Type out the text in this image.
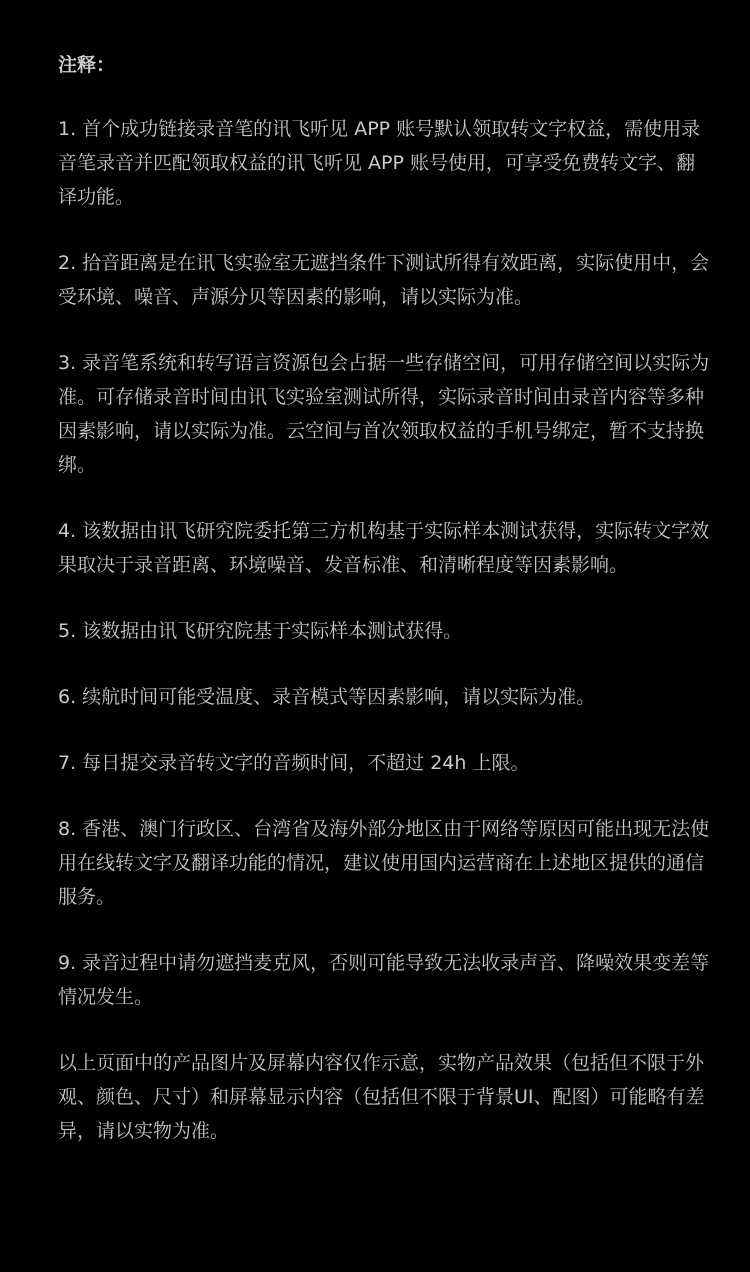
注释：

1. 首个成功链接录音笔的讯飞听见 APP 账号默认领取转文字权益，需使用录音笔录音并匹配领取权益的讯飞听见 APP 账号使用，可享受免费转文字、翻译功能。

2. 拾音距离是在讯飞实验室无遮挡条件下测试所得有效距离，实际使用中，会受环境、噪音、声源分贝等因素的影响，请以实际为准。

3. 录音笔系统和转写语言资源包会占据一些存储空间，可用存储空间以实际为准。可存储录音时间由讯飞实验室测试所得，实际录音时间由录音内容等多种因素影响，请以实际为准。云空间与首次领取权益的手机号绑定，暂不支持换绑。

4. 该数据由讯飞研究院委托第三方机构基于实际样本测试获得，实际转文字效果取决于录音距离、环境噪音、发音标准、和清晰程度等因素影响。

5. 该数据由讯飞研究院基于实际样本测试获得。

6. 续航时间可能受温度、录音模式等因素影响，请以实际为准。

7. 每日提交录音转文字的音频时间，不超过 24h 上限。

8. 香港、澳门行政区、台湾省及海外部分地区由于网络等原因可能出现无法使用在线转文字及翻译功能的情况，建议使用国内运营商在上述地区提供的通信服务。

9. 录音过程中请勿遮挡麦克风，否则可能导致无法收录声音、降噪效果变差等情况发生。

以上页面中的产品图片及屏幕内容仅作示意，实物产品效果（包括但不限于外观、颜色、尺寸）和屏幕显示内容（包括但不限于背景UI、配图）可能略有差异，请以实物为准。
